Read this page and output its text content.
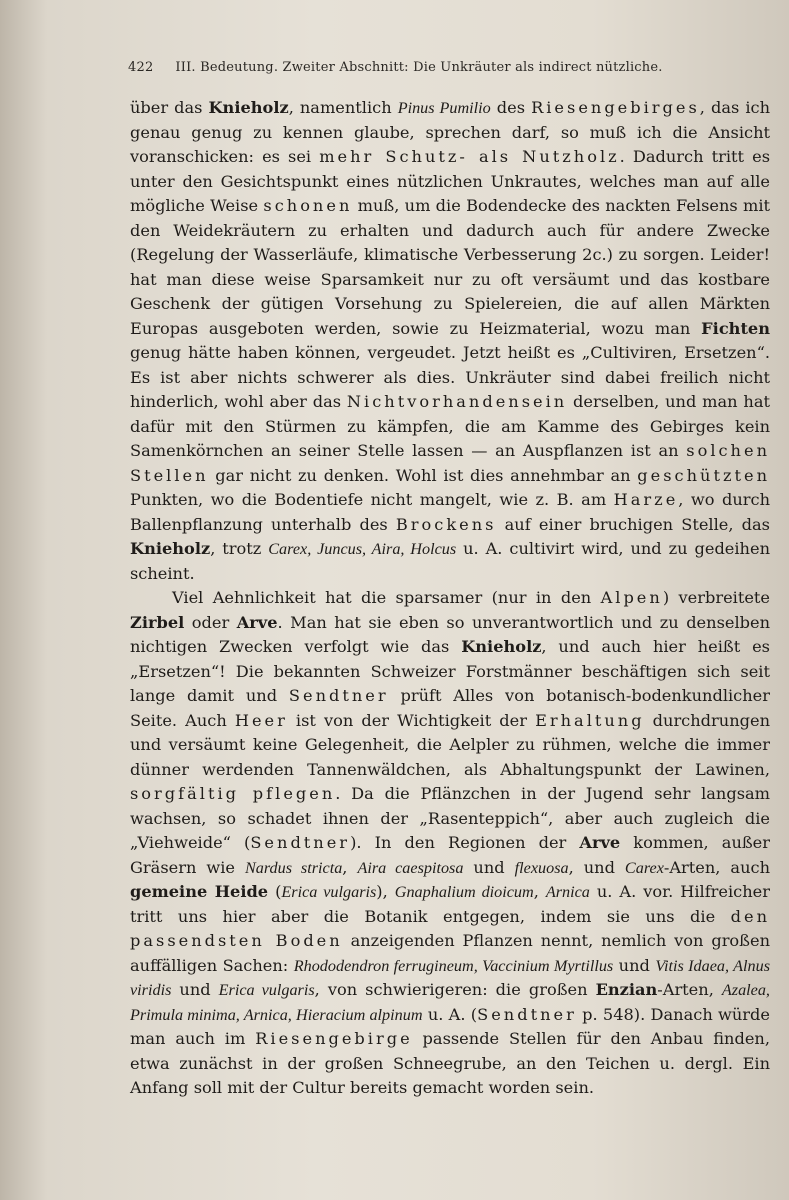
422 III. Bedeutung. Zweiter Abschnitt: Die Unkräuter als indirect nützliche.

über das Knieholz, namentlich Pinus Pumilio des Riesengebirges, das ich genau genug zu kennen glaube, sprechen darf, so muß ich die Ansicht voranschicken: es sei mehr Schutz- als Nutzholz. Dadurch tritt es unter den Gesichtspunkt eines nützlichen Unkrautes, welches man auf alle mögliche Weise schonen muß, um die Bodendecke des nackten Felsens mit den Weidekräutern zu erhalten und dadurch auch für andere Zwecke (Regelung der Wasserläufe, klimatische Verbesserung 2c.) zu sorgen. Leider! hat man diese weise Sparsamkeit nur zu oft versäumt und das kostbare Geschenk der gütigen Vorsehung zu Spielereien, die auf allen Märkten Europas ausgeboten werden, sowie zu Heizmaterial, wozu man Fichten genug hätte haben können, vergeudet. Jetzt heißt es „Cultiviren, Ersetzen“. Es ist aber nichts schwerer als dies. Unkräuter sind dabei freilich nicht hinderlich, wohl aber das Nichtvorhandensein derselben, und man hat dafür mit den Stürmen zu kämpfen, die am Kamme des Gebirges kein Samenkörnchen an seiner Stelle lassen — an Auspflanzen ist an solchen Stellen gar nicht zu denken. Wohl ist dies annehmbar an geschützten Punkten, wo die Bodentiefe nicht mangelt, wie z. B. am Harze, wo durch Ballenpflanzung unterhalb des Brockens auf einer bruchigen Stelle, das Knieholz, trotz Carex, Juncus, Aira, Holcus u. A. cultivirt wird, und zu gedeihen scheint.

Viel Aehnlichkeit hat die sparsamer (nur in den Alpen) verbreitete Zirbel oder Arve. Man hat sie eben so unverantwortlich und zu denselben nichtigen Zwecken verfolgt wie das Knieholz, und auch hier heißt es „Ersetzen“! Die bekannten Schweizer Forstmänner beschäftigen sich seit lange damit und Sendtner prüft Alles von botanisch-bodenkundlicher Seite. Auch Heer ist von der Wichtigkeit der Erhaltung durchdrungen und versäumt keine Gelegenheit, die Aelpler zu rühmen, welche die immer dünner werdenden Tannenwäldchen, als Abhaltungspunkt der Lawinen, sorgfältig pflegen. Da die Pflänzchen in der Jugend sehr langsam wachsen, so schadet ihnen der „Rasenteppich“, aber auch zugleich die „Viehweide“ (Sendtner). In den Regionen der Arve kommen, außer Gräsern wie Nardus stricta, Aira caespitosa und flexuosa, und Carex-Arten, auch gemeine Heide (Erica vulgaris), Gnaphalium dioicum, Arnica u. A. vor. Hilfreicher tritt uns hier aber die Botanik entgegen, indem sie uns die den passendsten Boden anzeigenden Pflanzen nennt, nemlich von großen auffälligen Sachen: Rhododendron ferrugineum, Vaccinium Myrtillus und Vitis Idaea, Alnus viridis und Erica vulgaris, von schwierigeren: die großen Enzian-Arten, Azalea, Primula minima, Arnica, Hieracium alpinum u. A. (Sendtner p. 548). Danach würde man auch im Riesengebirge passende Stellen für den Anbau finden, etwa zunächst in der großen Schneegrube, an den Teichen u. dergl. Ein Anfang soll mit der Cultur bereits gemacht worden sein.
